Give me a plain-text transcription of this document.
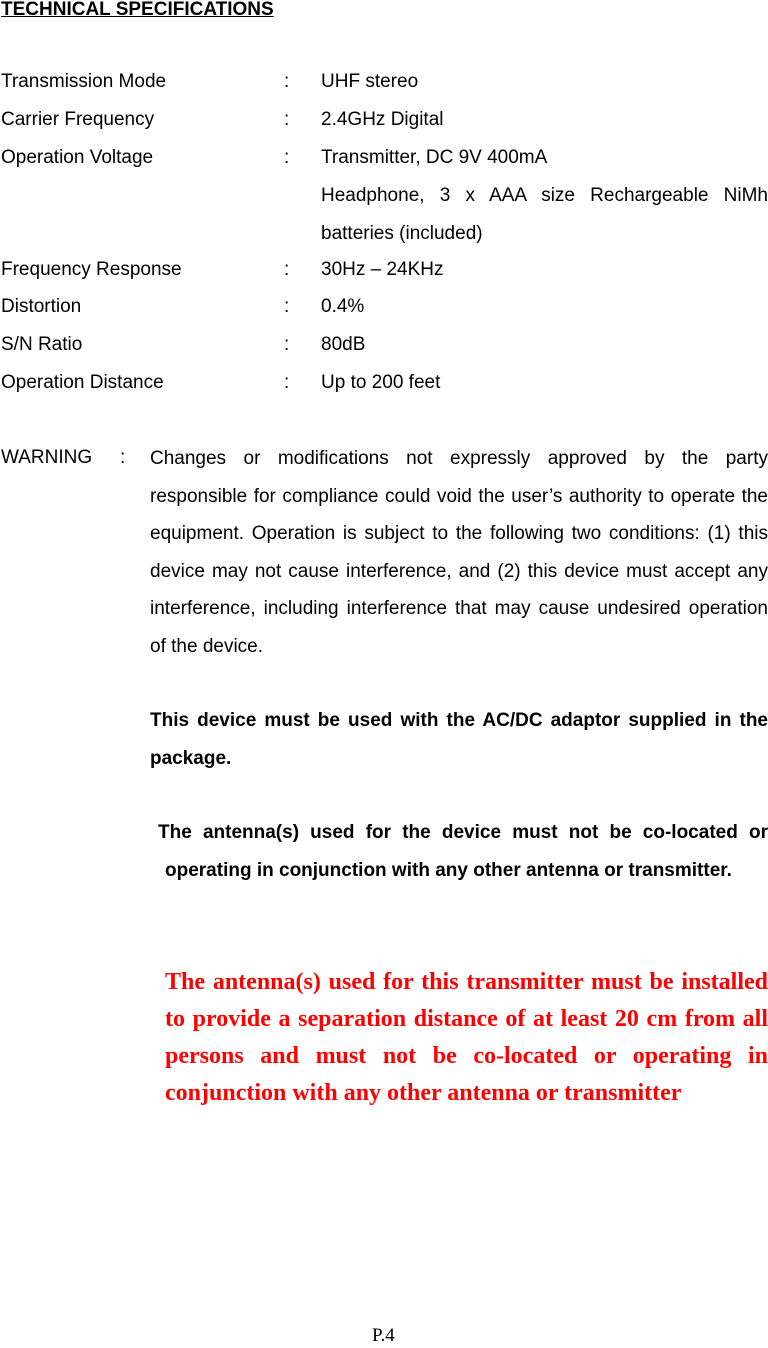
TECHNICAL SPECIFICATIONS
Transmission Mode	: UHF stereo
Carrier Frequency	: 2.4GHz Digital
Operation Voltage	: Transmitter, DC 9V 400mA
Headphone, 3 x AAA size Rechargeable NiMh batteries (included)
Frequency Response	: 30Hz – 24KHz
Distortion	: 0.4%
S/N Ratio	: 80dB
Operation Distance	: Up to 200 feet
WARNING : Changes or modifications not expressly approved by the party responsible for compliance could void the user’s authority to operate the equipment. Operation is subject to the following two conditions: (1) this device may not cause interference, and (2) this device must accept any interference, including interference that may cause undesired operation of the device.
This device must be used with the AC/DC adaptor supplied in the package.
The antenna(s) used for the device must not be co-located or operating in conjunction with any other antenna or transmitter.
The antenna(s) used for this transmitter must be installed to provide a separation distance of at least 20 cm from all persons and must not be co-located or operating in conjunction with any other antenna or transmitter
P.4
